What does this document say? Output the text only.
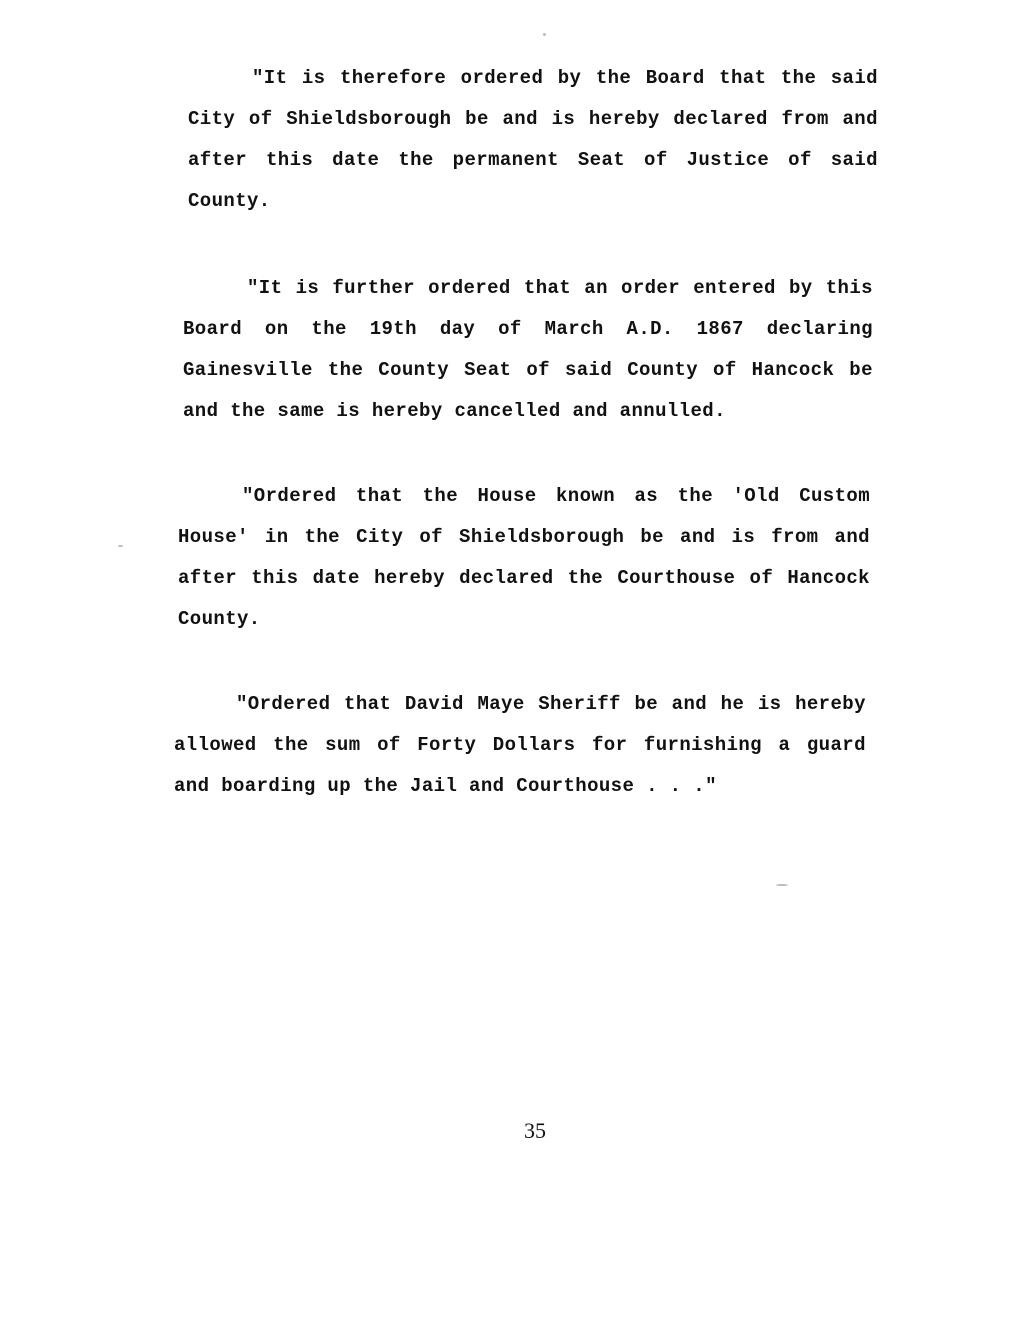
"It is therefore ordered by the Board that the said
City of Shieldsborough be and is hereby declared from and
after this date the permanent Seat of Justice of said
County.
"It is further ordered that an order entered by this
Board on the 19th day of March A.D. 1867 declaring
Gainesville the County Seat of said County of Hancock be
and the same is hereby cancelled and annulled.
"Ordered that the House known as the 'Old Custom
House' in the City of Shieldsborough be and is from and
after this date hereby declared the Courthouse of Hancock
County.
"Ordered that David Maye Sheriff be and he is hereby
allowed the sum of Forty Dollars for furnishing a guard
and boarding up the Jail and Courthouse . . ."
35
